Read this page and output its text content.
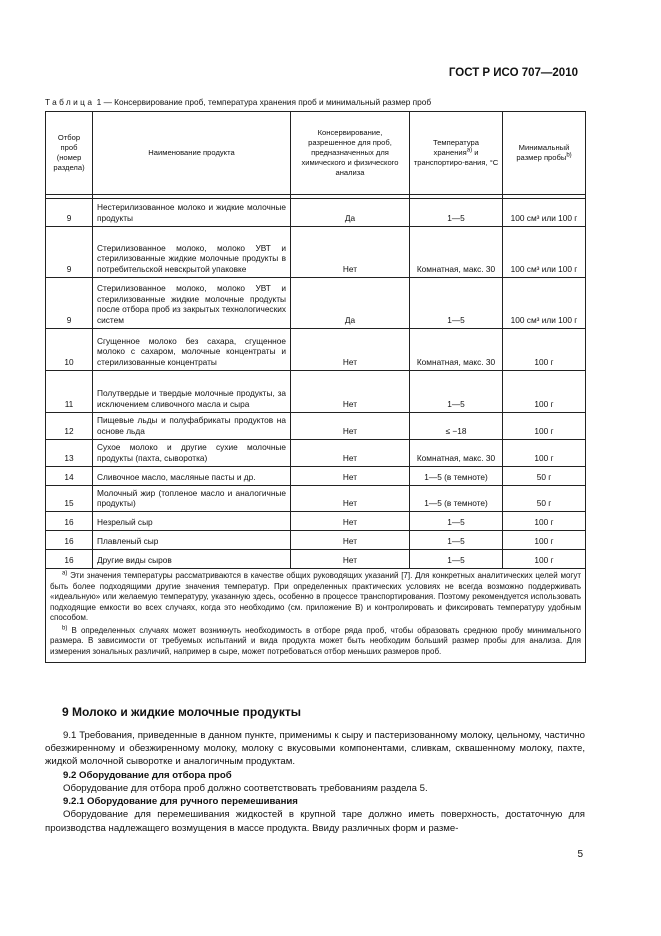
ГОСТ Р ИСО 707—2010
Таблица 1 — Консервирование проб, температура хранения проб и минимальный размер проб
Отбор проб (номер раздела)	Наименование продукта	Консервирование, разрешенное для проб, предназначенных для химического и физического анализа	Температура хранения$^{a)}$ и транспортиро-вания, °С	Минимальный размер пробы$^{b)}$

9	Нестерилизованное молоко и жидкие молочные продукты	Да	1—5	100 см³ или 100 г
9	Стерилизованное молоко, молоко УВТ и стерилизованные жидкие молочные продукты в потребительской невскрытой упаковке	Нет	Комнатная, макс. 30	100 см³ или 100 г
9	Стерилизованное молоко, молоко УВТ и стерилизованные жидкие молочные продукты после отбора проб из закрытых технологических систем	Да	1—5	100 см³ или 100 г
10	Сгущенное молоко без сахара, сгущенное молоко с сахаром, молочные концентраты и стерилизованные концентраты	Нет	Комнатная, макс. 30	100 г
11	Полутвердые и твердые молочные продукты, за исключением сливочного масла и сыра	Нет	1—5	100 г
12	Пищевые льды и полуфабрикаты продуктов на основе льда	Нет	≤ −18	100 г
13	Сухое молоко и другие сухие молочные продукты (пахта, сыворотка)	Нет	Комнатная, макс. 30	100 г
14	Сливочное масло, масляные пасты и др.	Нет	1—5 (в темноте)	50 г
15	Молочный жир (топленое масло и аналогичные продукты)	Нет	1—5 (в темноте)	50 г
16	Незрелый сыр	Нет	1—5	100 г
16	Плавленый сыр	Нет	1—5	100 г
16	Другие виды сыров	Нет	1—5	100 г

$^{a)}$ Эти значения температуры рассматриваются в качестве общих руководящих указаний [7]. Для конкретных аналитических целей могут быть более подходящими другие значения температур. При определенных практических условиях не всегда возможно поддерживать «идеальную» или желаемую температуру, указанную здесь, особенно в процессе транспортирования. Поэтому рекомендуется использовать подходящие емкости во всех случаях, когда это необходимо (см. приложение В) и контролировать и фиксировать температуру удобным способом.

$^{b)}$ В определенных случаях может возникнуть необходимость в отборе ряда проб, чтобы образовать среднюю пробу минимального размера. В зависимости от требуемых испытаний и вида продукта может быть необходим больший размер пробы для анализа. Для измерения зональных различий, например в сыре, может потребоваться отбор меньших размеров проб.				

9 Молоко и жидкие молочные продукты
9.1 Требования, приведенные в данном пункте, применимы к сыру и пастеризованному молоку, цельному, частично обезжиренному и обезжиренному молоку, молоку с вкусовыми компонентами, сливкам, сквашенному молоку, пахте, жидкой молочной сыворотке и аналогичным продуктам.
9.2 Оборудование для отбора проб
Оборудование для отбора проб должно соответствовать требованиям раздела 5.
9.2.1 Оборудование для ручного перемешивания
Оборудование для перемешивания жидкостей в крупной таре должно иметь поверхность, достаточную для производства надлежащего возмущения в массе продукта. Ввиду различных форм и разме-
5
